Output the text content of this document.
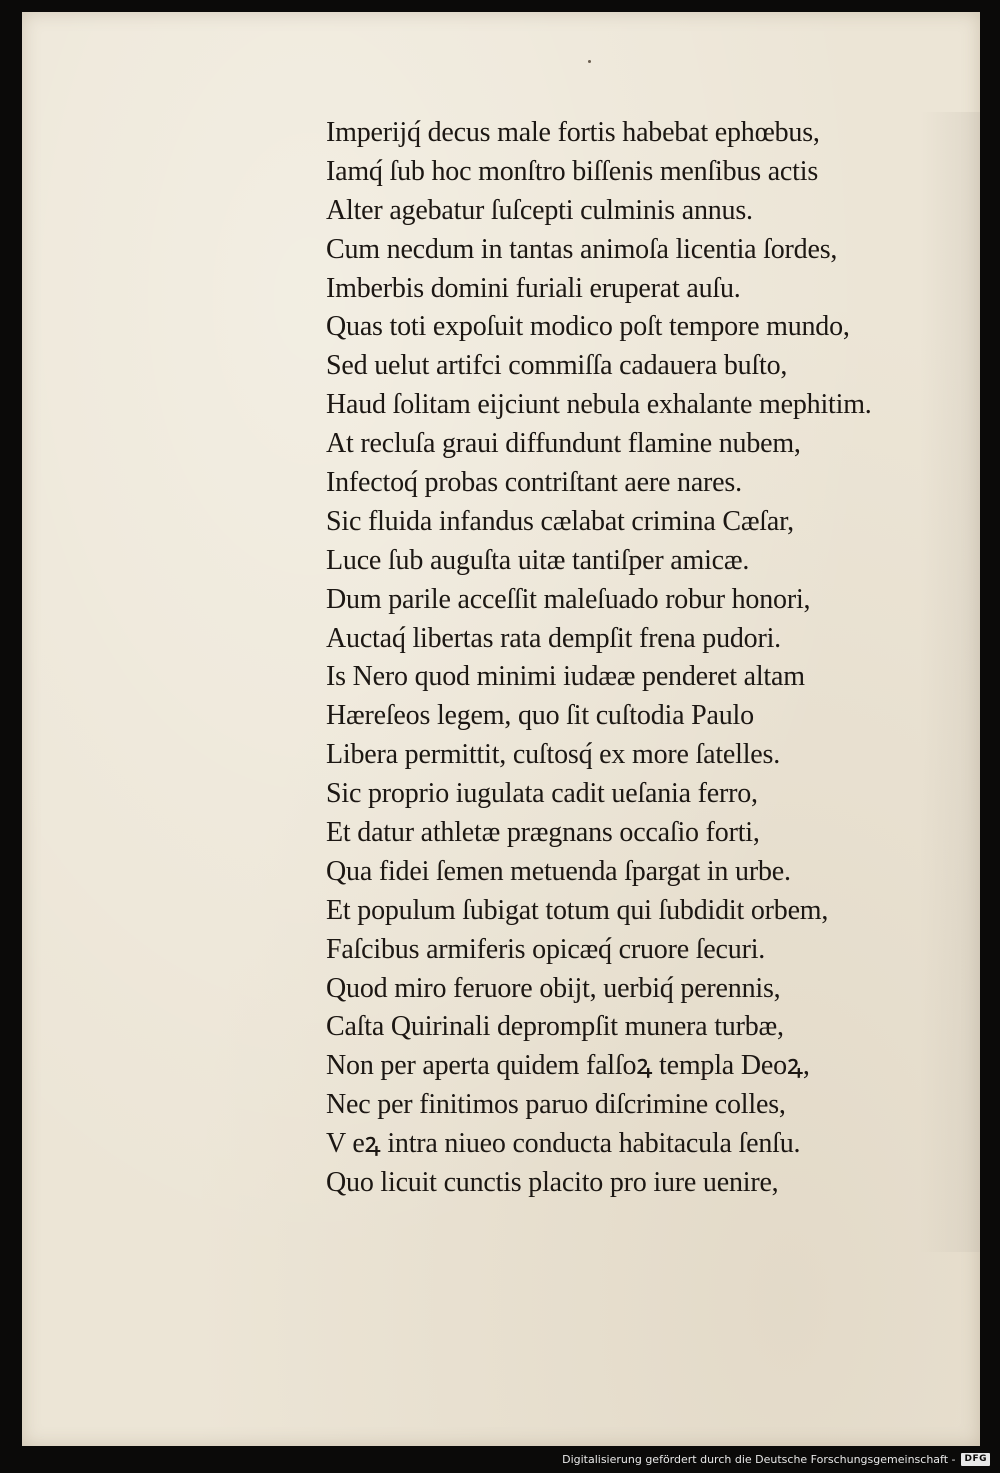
Imperijq́ decus male fortis habebat ephœbus,
Iamq́ ſub hoc monſtro biſſenis menſibus actis
Alter agebatur ſuſcepti culminis annus.
Cum necdum in tantas animoſa licentia ſordes,
Imberbis domini furiali eruperat auſu.
Quas toti expoſuit modico poſt tempore mundo,
Sed uelut artifci commiſſa cadauera buſto,
Haud ſolitam eijciunt nebula exhalante mephitim.
At recluſa graui diffundunt flamine nubem,
Infectoq́ probas contriſtant aere nares.
Sic fluida infandus cælabat crimina Cæſar,
Luce ſub auguſta uitæ tantiſper amicæ.
Dum parile acceſſit maleſuado robur honori,
Auctaq́ libertas rata dempſit frena pudori.
Is Nero quod minimi iudææ penderet altam
Hæreſeos legem, quo ſit cuſtodia Paulo
Libera permittit, cuſtosq́ ex more ſatelles.
Sic proprio iugulata cadit ueſania ferro,
Et datur athletæ prægnans occaſio forti,
Qua fidei ſemen metuenda ſpargat in urbe.
Et populum ſubigat totum qui ſubdidit orbem,
Faſcibus armiferis opicæq́ cruore ſecuri.
Quod miro feruore obijt, uerbiq́ perennis,
Caſta Quirinali deprompſit munera turbæ,
Non per aperta quidem falſoꝝ templa Deoꝝ,
Nec per finitimos paruo diſcrimine colles,
V eꝝ intra niueo conducta habitacula ſenſu.
Quo licuit cunctis placito pro iure uenire,
Digitalisierung gefördert durch die Deutsche Forschungsgemeinschaft -	DFG
